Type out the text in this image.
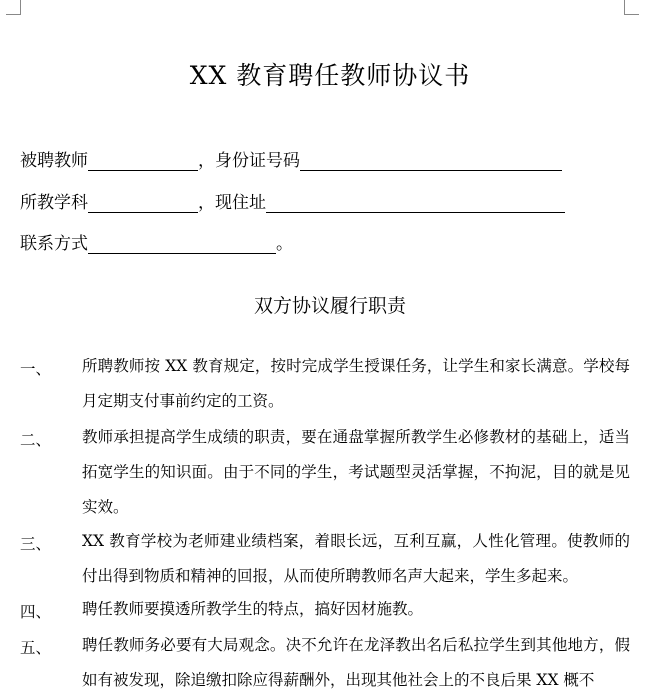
XX 教育聘任教师协议书
被聘教师	，身份证号码
所教学科	，现住址
联系方式	。
双方协议履行职责
一、 所聘教师按 XX 教育规定，按时完成学生授课任务，让学生和家长满意。学校每月定期支付事前约定的工资。
二、 教师承担提高学生成绩的职责，要在通盘掌握所教学生必修教材的基础上，适当拓宽学生的知识面。由于不同的学生，考试题型灵活掌握，不拘泥，目的就是见实效。
三、 XX 教育学校为老师建业绩档案，着眼长远，互利互赢，人性化管理。使教师的付出得到物质和精神的回报，从而使所聘教师名声大起来，学生多起来。
四、 聘任教师要摸透所教学生的特点，搞好因材施教。
五、 聘任教师务必要有大局观念。决不允许在龙泽教出名后私拉学生到其他地方，假如有被发现，除追缴扣除应得薪酬外，出现其他社会上的不良后果 XX 概不
